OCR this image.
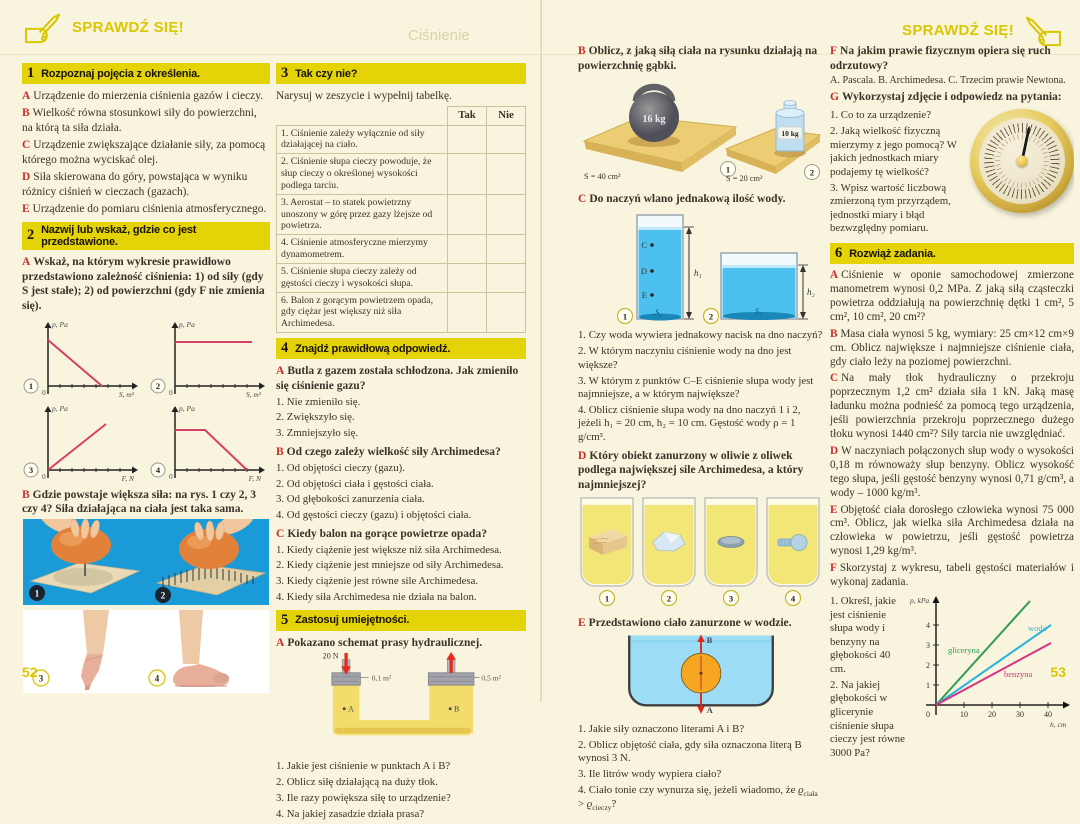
SPRAWDŹ SIĘ!	Ciśnienie	SPRAWDŹ SIĘ!
1 Rozpoznaj pojęcia z określenia.

A Urządzenie do mierzenia ciśnienia gazów i cieczy.

B Wielkość równa stosunkowi siły do powierzchni, na którą ta siła działa.

C Urządzenie zwiększające działanie siły, za pomocą którego można wyciskać olej.

D Siła skierowana do góry, powstająca w wyniku różnicy ciśnień w cieczach (gazach).

E Urządzenie do pomiaru ciśnienia atmosferycznego.

2 Nazwij lub wskaż, gdzie co jest przedstawione.

A Wskaż, na którym wykresie prawidłowo przedstawiono zależność ciśnienia: 1) od siły (gdy S jest stałe); 2) od powierzchni (gdy F nie zmienia się).

1
p, Pa
S, m²
0
2
p, Pa
S, m²
0
3
p, Pa
F, N
0
4
p, Pa
F, N
0

B Gdzie powstaje większa siła: na rys. 1 czy 2, 3 czy 4? Siła działająca na ciała jest taka sama.

1	2

3	4
3 Tak czy nie?

Narysuj w zeszycie i wypełnij tabelkę.

	Tak	Nie
1. Ciśnienie zależy wyłącznie od siły działającej na ciało.		
2. Ciśnienie słupa cieczy powoduje, że słup cieczy o określonej wysokości podlega tarciu.		
3. Aerostat – to statek powietrzny unoszony w górę przez gazy lżejsze od powietrza.		
4. Ciśnienie atmosferyczne mierzymy dynamometrem.		
5. Ciśnienie słupa cieczy zależy od gęstości cieczy i wysokości słupa.		
6. Balon z gorącym powietrzem opada, gdy ciężar jest większy niż siła Archimedesa.		
4 Znajdź prawidłową odpowiedź.

A Butla z gazem została schłodzona. Jak zmieniło się ciśnienie gazu?

1. Nie zmieniło się.

2. Zwiększyło się.

3. Zmniejszyło się.

B Od czego zależy wielkość siły Archimedesa?

1. Od objętości cieczy (gazu).

2. Od objętości ciała i gęstości ciała.

3. Od głębokości zanurzenia ciała.

4. Od gęstości cieczy (gazu) i objętości ciała.

C Kiedy balon na gorące powietrze opada?

1. Kiedy ciążenie jest większe niż siła Archimedesa.

2. Kiedy ciążenie jest mniejsze od siły Archimedesa.

3. Kiedy ciążenie jest równe sile Archimedesa.

4. Kiedy siła Archimedesa nie działa na balon.

5 Zastosuj umiejętności.

A Pokazano schemat prasy hydraulicznej.

20 N
0,1 m²	0,5 m²
A	B

1. Jakie jest ciśnienie w punktach A i B?

2. Oblicz siłę działającą na duży tłok.

3. Ile razy powiększa siłę to urządzenie?

4. Na jakiej zasadzie działa prasa?

B Oblicz, z jaką siłą ciała na rysunku działają na powierzchnię gąbki.

16 kg
S = 40 cm²
1
10 kg
S = 20 cm²
2

C Do naczyń wlano jednakową ilość wody.

C
D
E
h₁
S₁
1
h₂
S₂
2

1. Czy woda wywiera jednakowy nacisk na dno naczyń?

2. W którym naczyniu ciśnienie wody na dno jest większe?

3. W którym z punktów C–E ciśnienie słupa wody jest najmniejsze, a w którym największe?

4. Oblicz ciśnienie słupa wody na dno naczyń 1 i 2, jeżeli h₁ = 20 cm, h₂ = 10 cm. Gęstość wody ρ = 1 g/cm³.

D Który obiekt zanurzony w oliwie z oliwek podlega największej sile Archimedesa, a który najmniejszej?

1	2	3	4

E Przedstawiono ciało zanurzone w wodzie.

B
A

1. Jakie siły oznaczono literami A i B?

2. Oblicz objętość ciała, gdy siła oznaczona literą B wynosi 3 N.

3. Ile litrów wody wypiera ciało?

4. Ciało tonie czy wynurza się, jeżeli wiadomo, że $ϱ_{ciała} > ϱ_{cieczy}$?

F Na jakim prawie fizycznym opiera się ruch odrzutowy?

A. Pascala. B. Archimedesa. C. Trzecim prawie Newtona.

G Wykorzystaj zdjęcie i odpowiedz na pytania:

1. Co to za urządzenie?

2. Jaką wielkość fizyczną mierzymy z jego pomocą? W jakich jednostkach miary podajemy tę wielkość?

3. Wpisz wartość liczbową zmierzoną tym przyrządem, jednostki miary i błąd bezwzględny pomiaru.

6 Rozwiąż zadania.

A Ciśnienie w oponie samochodowej zmierzone manometrem wynosi 0,2 MPa. Z jaką siłą cząsteczki powietrza oddziałują na powierzchnię dętki 1 cm², 5 cm², 10 cm², 20 cm²?

B Masa ciała wynosi 5 kg, wymiary: 25 cm×12 cm×9 cm. Oblicz największe i najmniejsze ciśnienie ciała, gdy ciało leży na poziomej powierzchni.

C Na mały tłok hydrauliczny o przekroju poprzecznym 1,2 cm² działa siła 1 kN. Jaką masę ładunku można podnieść za pomocą tego urządzenia, jeśli powierzchnia przekroju poprzecznego dużego tłoku wynosi 1440 cm²? Siły tarcia nie uwzględniać.

D W naczyniach połączonych słup wody o wysokości 0,18 m równoważy słup benzyny. Oblicz wysokość tego słupa, jeśli gęstość benzyny wynosi 0,71 g/cm³, a wody – 1000 kg/m³.

E Objętość ciała dorosłego człowieka wynosi 75 000 cm³. Oblicz, jak wielka siła Archimedesa działa na człowieka w powietrzu, jeśli gęstość powietrza wynosi 1,29 kg/m³.

F Skorzystaj z wykresu, tabeli gęstości materiałów i wykonaj zadania.

1. Określ, jakie jest ciśnienie słupa wody i benzyny na głębokości 40 cm.

2. Na jakiej głębokości w glicerynie ciśnienie słupa cieczy jest równe 3000 Pa?

1
2
3
4
0	10	20	30	40
gliceryna
woda
benzyna
p, kPa
h, cm
52	53
